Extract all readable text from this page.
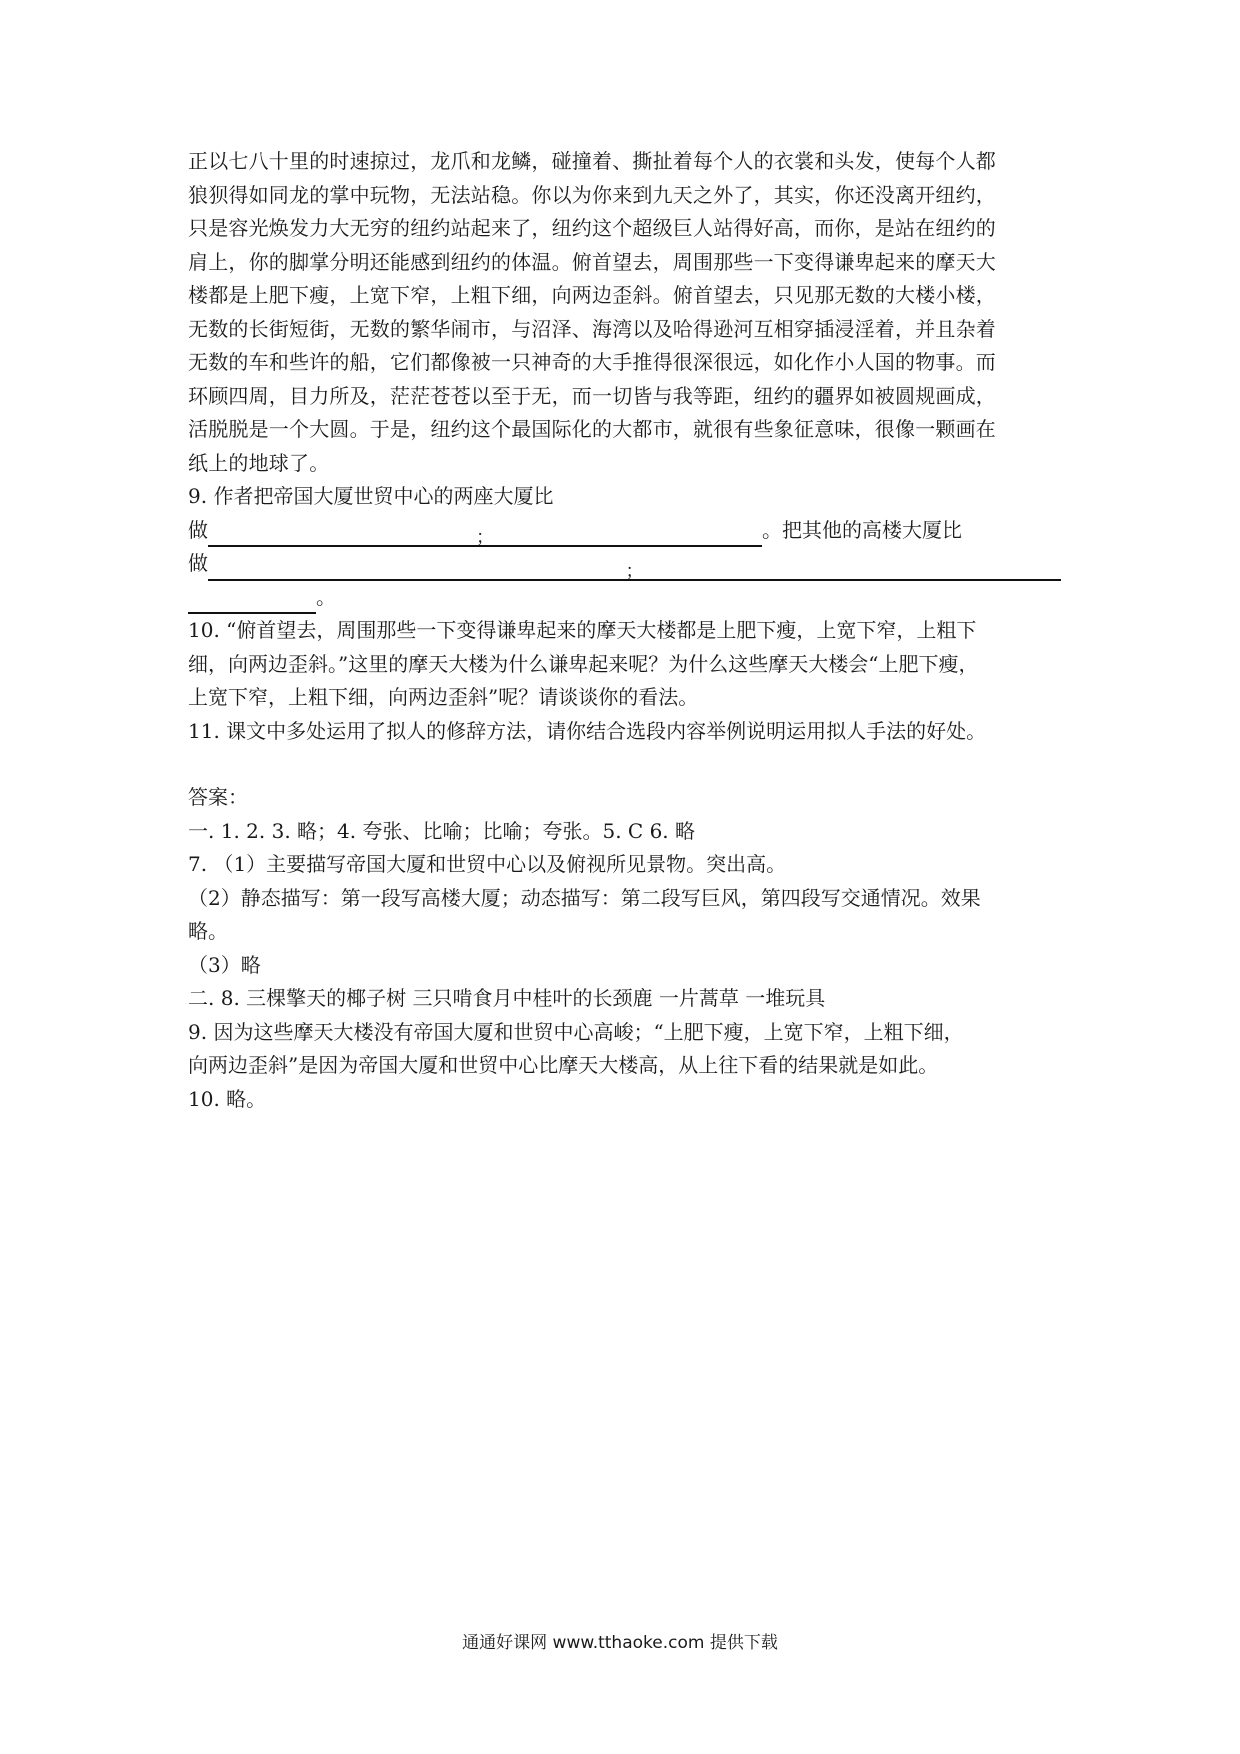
正以七八十里的时速掠过，龙爪和龙鳞，碰撞着、撕扯着每个人的衣裳和头发，使每个人都

狼狈得如同龙的掌中玩物，无法站稳。你以为你来到九天之外了，其实，你还没离开纽约，

只是容光焕发力大无穷的纽约站起来了，纽约这个超级巨人站得好高，而你，是站在纽约的

肩上，你的脚掌分明还能感到纽约的体温。俯首望去，周围那些一下变得谦卑起来的摩天大

楼都是上肥下瘦，上宽下窄，上粗下细，向两边歪斜。俯首望去，只见那无数的大楼小楼，

无数的长街短街，无数的繁华闹市，与沼泽、海湾以及哈得逊河互相穿插浸淫着，并且杂着

无数的车和些许的船，它们都像被一只神奇的大手推得很深很远，如化作小人国的物事。而

环顾四周，目力所及，茫茫苍苍以至于无，而一切皆与我等距，纽约的疆界如被圆规画成，

活脱脱是一个大圆。于是，纽约这个最国际化的大都市，就很有些象征意味，很像一颗画在

纸上的地球了。

9. 作者把帝国大厦世贸中心的两座大厦比

做	；	。把其他的高楼大厦比
做	；
。

10. “俯首望去，周围那些一下变得谦卑起来的摩天大楼都是上肥下瘦，上宽下窄，上粗下

细，向两边歪斜。”这里的摩天大楼为什么谦卑起来呢？为什么这些摩天大楼会“上肥下瘦，

上宽下窄，上粗下细，向两边歪斜”呢？请谈谈你的看法。

11. 课文中多处运用了拟人的修辞方法，请你结合选段内容举例说明运用拟人手法的好处。

答案：

一. 1. 2. 3. 略；4. 夸张、比喻；比喻；夸张。5. C 6. 略

7. （1）主要描写帝国大厦和世贸中心以及俯视所见景物。突出高。

（2）静态描写：第一段写高楼大厦；动态描写：第二段写巨风，第四段写交通情况。效果

略。

（3）略

二. 8. 三棵擎天的椰子树 三只啃食月中桂叶的长颈鹿 一片蒿草 一堆玩具

9. 因为这些摩天大楼没有帝国大厦和世贸中心高峻；“上肥下瘦，上宽下窄，上粗下细，

向两边歪斜”是因为帝国大厦和世贸中心比摩天大楼高，从上往下看的结果就是如此。

10. 略。

通通好课网 www.tthaoke.com 提供下载
